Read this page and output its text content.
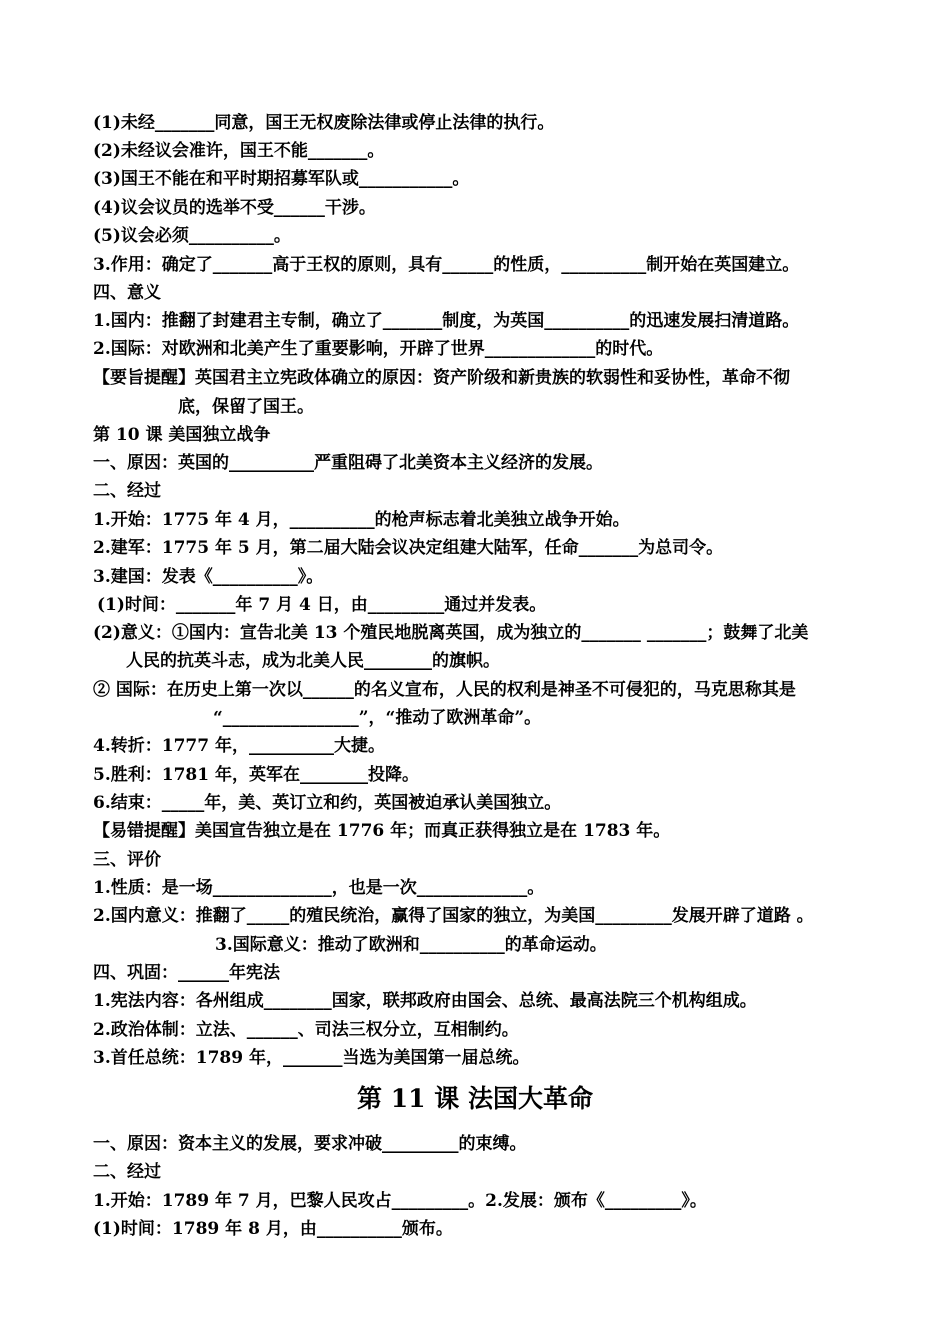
(1)未经_______同意，国王无权废除法律或停止法律的执行。
(2)未经议会准许，国王不能_______。
(3)国王不能在和平时期招募军队或___________。
(4)议会议员的选举不受______干涉。
(5)议会必须__________。
3.作用：确定了_______高于王权的原则，具有______的性质，__________制开始在英国建立。
四、意义
1.国内：推翻了封建君主专制，确立了_______制度，为英国__________的迅速发展扫清道路。
2.国际：对欧洲和北美产生了重要影响，开辟了世界_____________的时代。
【要旨提醒】英国君主立宪政体确立的原因：资产阶级和新贵族的软弱性和妥协性，革命不彻
底，保留了国王。
第 10 课 美国独立战争
一、原因：英国的__________严重阻碍了北美资本主义经济的发展。
二、经过
1.开始：1775 年 4 月，__________的枪声标志着北美独立战争开始。
2.建军：1775 年 5 月，第二届大陆会议决定组建大陆军，任命_______为总司令。
3.建国：发表《__________》。
(1)时间：_______年 7 月 4 日，由_________通过并发表。
(2)意义：①国内：宣告北美 13 个殖民地脱离英国，成为独立的_______ _______；鼓舞了北美
人民的抗英斗志，成为北美人民________的旗帜。
② 国际：在历史上第一次以______的名义宣布，人民的权利是神圣不可侵犯的，马克思称其是
“________________”，“推动了欧洲革命”。
4.转折：1777 年，__________大捷。
5.胜利：1781 年，英军在________投降。
6.结束：_____年，美、英订立和约，英国被迫承认美国独立。
【易错提醒】美国宣告独立是在 1776 年；而真正获得独立是在 1783 年。
三、评价
1.性质：是一场______________，也是一次_____________。
2.国内意义：推翻了_____的殖民统治，赢得了国家的独立，为美国_________发展开辟了道路 。
3.国际意义：推动了欧洲和__________的革命运动。
四、巩固：______年宪法
1.宪法内容：各州组成________国家，联邦政府由国会、总统、最高法院三个机构组成。
2.政治体制：立法、______、司法三权分立，互相制约。
3.首任总统：1789 年，_______当选为美国第一届总统。
第 11 课 法国大革命
一、原因：资本主义的发展，要求冲破_________的束缚。
二、经过
1.开始：1789 年 7 月，巴黎人民攻占_________。2.发展：颁布《_________》。
(1)时间：1789 年 8 月，由__________颁布。
